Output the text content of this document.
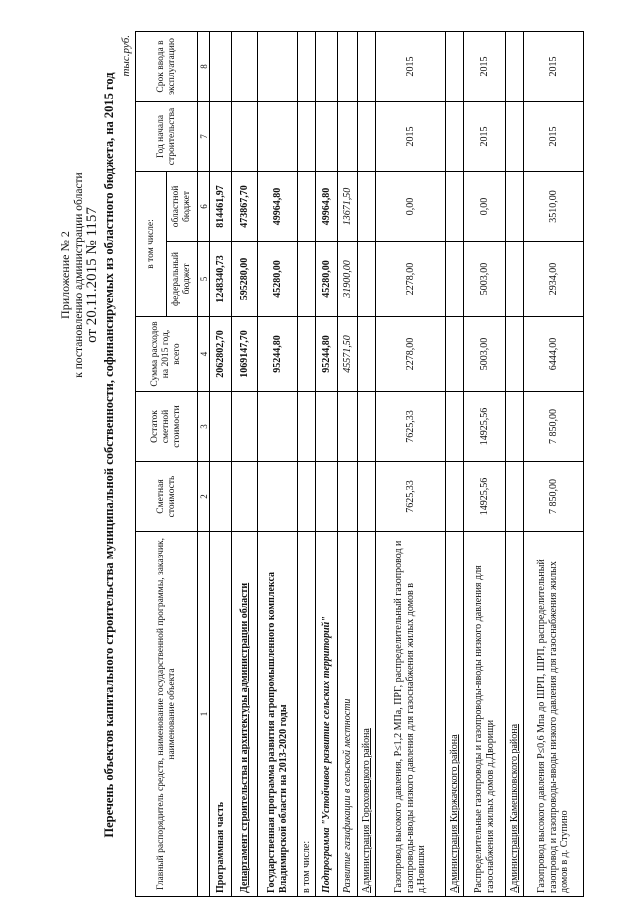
Приложение № 2 к постановлению администрации области от 20.11.2015 № 1157 Перечень объектов капитального строительства муниципальной собственности, софинансируемых из областного бюджета, на 2015 год
тыс.руб.
Главный распорядитель средств, наименование государственной программы, заказчик, наименование объекта	Сметная стоимость	Остаток сметной стоимости	Сумма расходов на 2015 год, всего	в том числе:		Год начала строительства	Срок ввода в эксплуатацию
				федеральный бюджет	областной бюджет		
1	2	3	4	5	6	7	8
Программная часть			2062802,70	1248340,73	814461,97		
Департамент строительства и архитектуры администрации области			1069147,70	595280,00	473867,70		
Государственная программа развития агропромышленного комплекса Владимирской области на 2013-2020 годы			95244,80	45280,00	49964,80		
в том числе:							
Подпрограмма "Устойчивое развитие сельских территорий"			95244,80	45280,00	49964,80		
Развитие газификации в сельской местности			45571,50	31900,00	13671,50		
Администрация Гороховецкого района							
Газопровод высокого давления, Р≤1,2 МПа, ПРГ, распределительный газопровод и газопроводы-вводы низкого давления для газоснабжения жилых домов в д.Новишки	7625,33	7625,33	2278,00	2278,00	0,00	2015	2015
Администрация Киржачского района							
Распределительные газопроводы и газопроводы-вводы низкого давления для газоснабжения жилых домов д.Дворищи	14925,56	14925,56	5003,00	5003,00	0,00	2015	2015
Администрация Камешковского района							
Газопровод высокого давления Р≤0,6 Мпа до ШРП, ШРП, распределительный газопровод и газопроводы-вводы низкого давления для газоснабжения жилых домов в д. Ступино	7 850,00	7 850,00	6444,00	2934,00	3510,00	2015	2015
